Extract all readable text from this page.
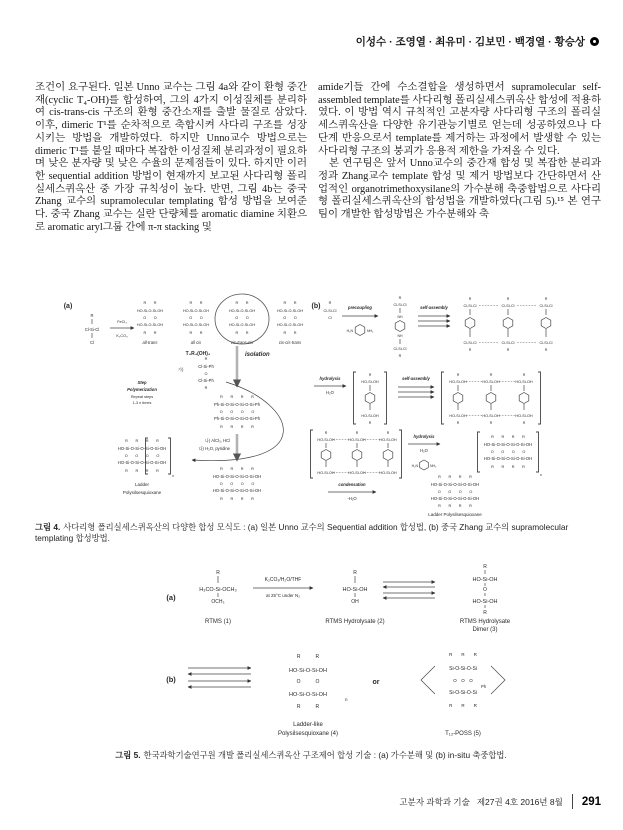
이성수 · 조영열 · 최유미 · 김보민 · 백경열 · 황승상

조건이 요구된다. 일본 Unno 교수는 그림 4a와 같이 환형 중간재(cyclic T₄-OH)를 합성하여, 그의 4가지 이성질체를 분리하여 cis-trans-cis 구조의 환형 중간소재를 출발 물질로 삼았다. 이후, dimeric T¹를 순차적으로 축합시켜 사다리 구조를 성장시키는 방법을 개발하였다. 하지만 Unno교수 방법으로는 dimeric T¹를 붙일 때마다 복잡한 이성질체 분리과정이 필요하며 낮은 분자량 및 낮은 수율의 문제점들이 있다. 하지만 이러한 sequential addition 방법이 현재까지 보고된 사다리형 폴리실세스퀴옥산 중 가장 규칙성이 높다. 반면, 그림 4b는 중국 Zhang 교수의 supramolecular templating 합성 방법을 보여준다. 중국 Zhang 교수는 실란 단량체를 aromatic diamine 치환으로 aromatic aryl그룹 간에 π-π stacking 및

amide기들 간에 수소결합을 생성하면서 supramolecular self-assembled template를 사다리형 폴리실세스퀴옥산 합성에 적용하였다. 이 방법 역시 규칙적인 고분자량 사다리형 구조의 폴리실세스퀴옥산을 다양한 유기관능기별로 얻는데 성공하였으나 다단계 반응으로서 template를 제거하는 과정에서 발생할 수 있는 사다리형 구조의 붕괴가 응용적 제한을 가져올 수 있다.

본 연구팀은 앞서 Unno교수의 중간재 합성 및 복잡한 분리과정과 Zhang교수 template 합성 및 제거 방법보다 간단하면서 산업적인 organotrimethoxysilane의 가수분해 축중합법으로 사다리형 폴리실세스퀴옥산의 합성법을 개발하였다(그림 5).¹⁵ 본 연구팀이 개발한 합성방법은 가수분해와 축

(a)
R
Cl-Si-Cl
Cl
FeCl₃
K₂CO₃
R  R
HO-Si-O-Si-OH
O  O
HO-Si-O-Si-OH
R  R
all-trans
R  R
HO-Si-O-Si-OH
O  O
HO-Si-O-Si-OH
R  R
all cis
R  R
HO-Si-O-Si-OH
O  O
HO-Si-O-Si-OH
R  R
cis-trans-cis
R  R
HO-Si-O-Si-OH
O  O
HO-Si-O-Si-OH
R  R
cis-cis-trans
T₄R₄(OH)₄	isolation
가)
R
Cl-Si-Ph
O
Cl-Si-Ph
R
R  R  R  R
Ph-Si-O-Si-O-Si-O-Si-Ph
O  O  O  O
Ph-Si-O-Si-O-Si-O-Si-Ph
R  R  R  R
Step
Polymerization
Repeat steps
1-3 n times
R  R  R  R
HO-Si-O-Si-O-Si-O-Si-OH
O  O  O  O
HO-Si-O-Si-O-Si-O-Si-OH
R  R  R  R
n
Ladder
Polysilsesquioxane
나) AlCl₃, HCl
다) H₂O, pyridine
R  R  R  R
HO-Si-O-Si-O-Si-O-Si-OH
O  O  O  O
HO-Si-O-Si-O-Si-O-Si-OH
R  R  R  R
(b) R
Cl-Si-Cl
Cl
precoupling
H₂N	NH₂
R
Cl-Si-Cl
NH
NH
Cl-Si-Cl
R
self-assembly
R
Cl-Si-Cl
Cl-Si-Cl
R
R
Cl-Si-Cl
Cl-Si-Cl
R
R
Cl-Si-Cl
Cl-Si-Cl
R
hydrolysis
H₂O
R
HO-Si-OH
HO-Si-OH
R
self-assembly
R
HO-Si-OH
HO-Si-OH
R
R
HO-Si-OH
HO-Si-OH
R
R
HO-Si-OH
HO-Si-OH
R
R
HO-Si-OH
HO-Si-OH
R
HO-Si-OH
HO-Si-OH
R
HO-Si-OH
HO-Si-OH
hydrolysis
H₂O
H₂N	NH₂
R  R  R  R
HO-Si-O-Si-O-Si-O-Si-OH
O  O  O  O
HO-Si-O-Si-O-Si-O-Si-OH
R  R  R  R
n
condensation
-H₂O
R  R  R  R
HO-Si-O-Si-O-Si-O-Si-OH
O  O  O  O
HO-Si-O-Si-O-Si-O-Si-OH
R  R  R  R
Ladder Polysilsesquioxane
그림 4. 사다리형 폴리실세스퀴옥산의 다양한 합성 모식도 : (a) 일본 Unno 교수의 Sequential addition 합성법, (b) 중국 Zhang 교수의 supramolecular templating 합성방법.
(a)
R
H₃CO-Si-OCH₃
OCH₃
RTMS (1)
K₂CO₃/H₂O/THF
at 25°C under N₂
R
HO-Si-OH
OH
RTMS Hydrolysate (2)
R
HO-Si-OH
O
HO-Si-OH
R
RTMS Hydrolysate
Dimer (3)
(b)
R   R
HO-Si-O-Si-OH
O   O
HO-Si-O-Si-OH
R   R
n
Ladder-like
Polysilsesquioxane (4)
or
R  R  R
Si-O-Si-O-Si
O O O
Si-O-Si-O-Si
R  R  R
Ph
T₁₂-POSS (5)
그림 5. 한국과학기술연구원 개발 폴리실세스퀴옥산 구조제어 합성 기술 : (a) 가수분해 및 (b) in-situ 축중합법.
고분자 과학과 기술 제27권 4호 2016년 8월 291
